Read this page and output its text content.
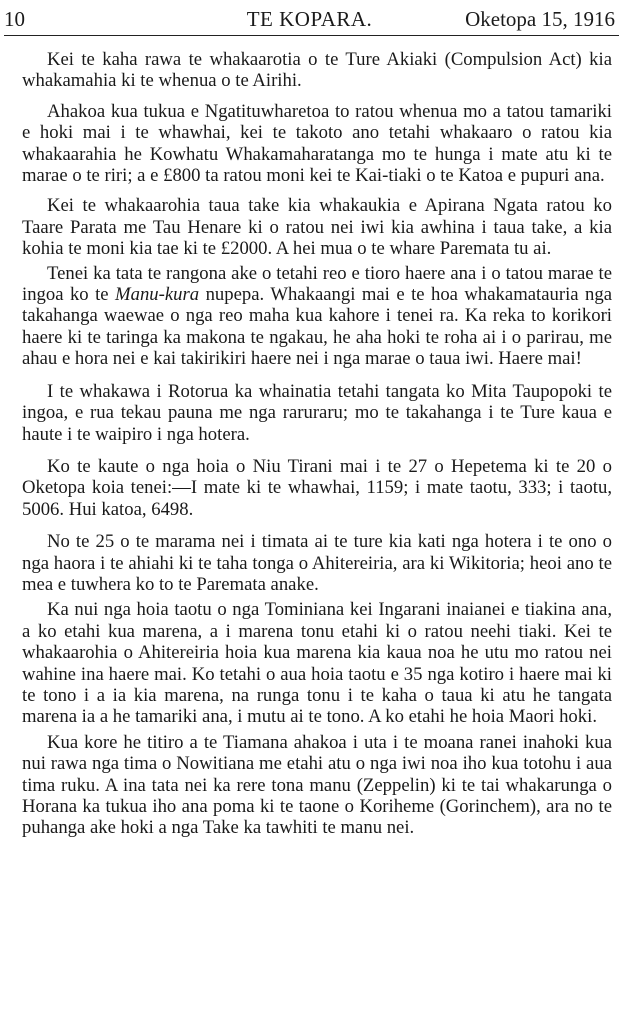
10	TE KOPARA.	Oketopa 15, 1916

Kei te kaha rawa te whakaarotia o te Ture Akiaki (Compulsion Act) kia whakamahia ki te whenua o te Airihi.

Ahakoa kua tukua e Ngatituwharetoa to ratou whenua mo a tatou tamariki e hoki mai i te whawhai, kei te takoto ano tetahi whakaaro o ratou kia whakaarahia he Kowhatu Whakamaharatanga mo te hunga i mate atu ki te marae o te riri; a e £800 ta ratou moni kei te Kai-tiaki o te Katoa e pupuri ana.

Kei te whakaarohia taua take kia whakaukia e Apirana Ngata ratou ko Taare Parata me Tau Henare ki o ratou nei iwi kia awhina i taua take, a kia kohia te moni kia tae ki te £2000. A hei mua o te whare Paremata tu ai.

Tenei ka tata te rangona ake o tetahi reo e tioro haere ana i o tatou marae te ingoa ko te Manu-kura nupepa. Whakaangi mai e te hoa whakamatauria nga takahanga waewae o nga reo maha kua kahore i tenei ra. Ka reka to korikori haere ki te taringa ka makona te ngakau, he aha hoki te roha ai i o parirau, me ahau e hora nei e kai takirikiri haere nei i nga marae o taua iwi. Haere mai!

I te whakawa i Rotorua ka whainatia tetahi tangata ko Mita Taupopoki te ingoa, e rua tekau pauna me nga raruraru; mo te takahanga i te Ture kaua e haute i te waipiro i nga hotera.

Ko te kaute o nga hoia o Niu Tirani mai i te 27 o Hepetema ki te 20 o Oketopa koia tenei:—I mate ki te whawhai, 1159; i mate taotu, 333; i taotu, 5006. Hui katoa, 6498.

No te 25 o te marama nei i timata ai te ture kia kati nga hotera i te ono o nga haora i te ahiahi ki te taha tonga o Ahitereiria, ara ki Wikitoria; heoi ano te mea e tuwhera ko to te Paremata anake.

Ka nui nga hoia taotu o nga Tominiana kei Ingarani inaianei e tiakina ana, a ko etahi kua marena, a i marena tonu etahi ki o ratou neehi tiaki. Kei te whakaarohia o Ahitereiria hoia kua marena kia kaua noa he utu mo ratou nei wahine ina haere mai. Ko tetahi o aua hoia taotu e 35 nga kotiro i haere mai ki te tono i a ia kia marena, na runga tonu i te kaha o taua ki atu he tangata marena ia a he tamariki ana, i mutu ai te tono. A ko etahi he hoia Maori hoki.

Kua kore he titiro a te Tiamana ahakoa i uta i te moana ranei inahoki kua nui rawa nga tima o Nowitiana me etahi atu o nga iwi noa iho kua totohu i aua tima ruku. A ina tata nei ka rere tona manu (Zeppelin) ki te tai whakarunga o Horana ka tukua iho ana poma ki te taone o Koriheme (Gorinchem), ara no te puhanga ake hoki a nga Take ka tawhiti te manu nei.
